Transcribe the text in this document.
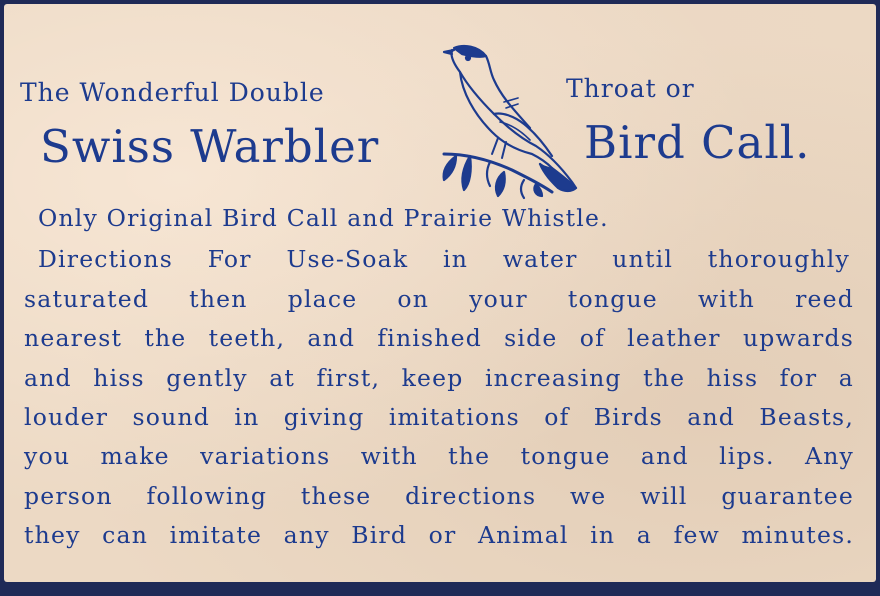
The Wonderful Double	Throat or

Swiss Warbler	Bird Call.

Only Original Bird Call and Prairie Whistle.
Directions For Use-Soak in water until thoroughly
saturated then place on your tongue with reed
nearest the teeth, and finished side of leather upwards
and hiss gently at first, keep increasing the hiss for a
louder sound in giving imitations of Birds and Beasts,
you make variations with the tongue and lips. Any
person following these directions we will guarantee
they can imitate any Bird or Animal in a few minutes.
